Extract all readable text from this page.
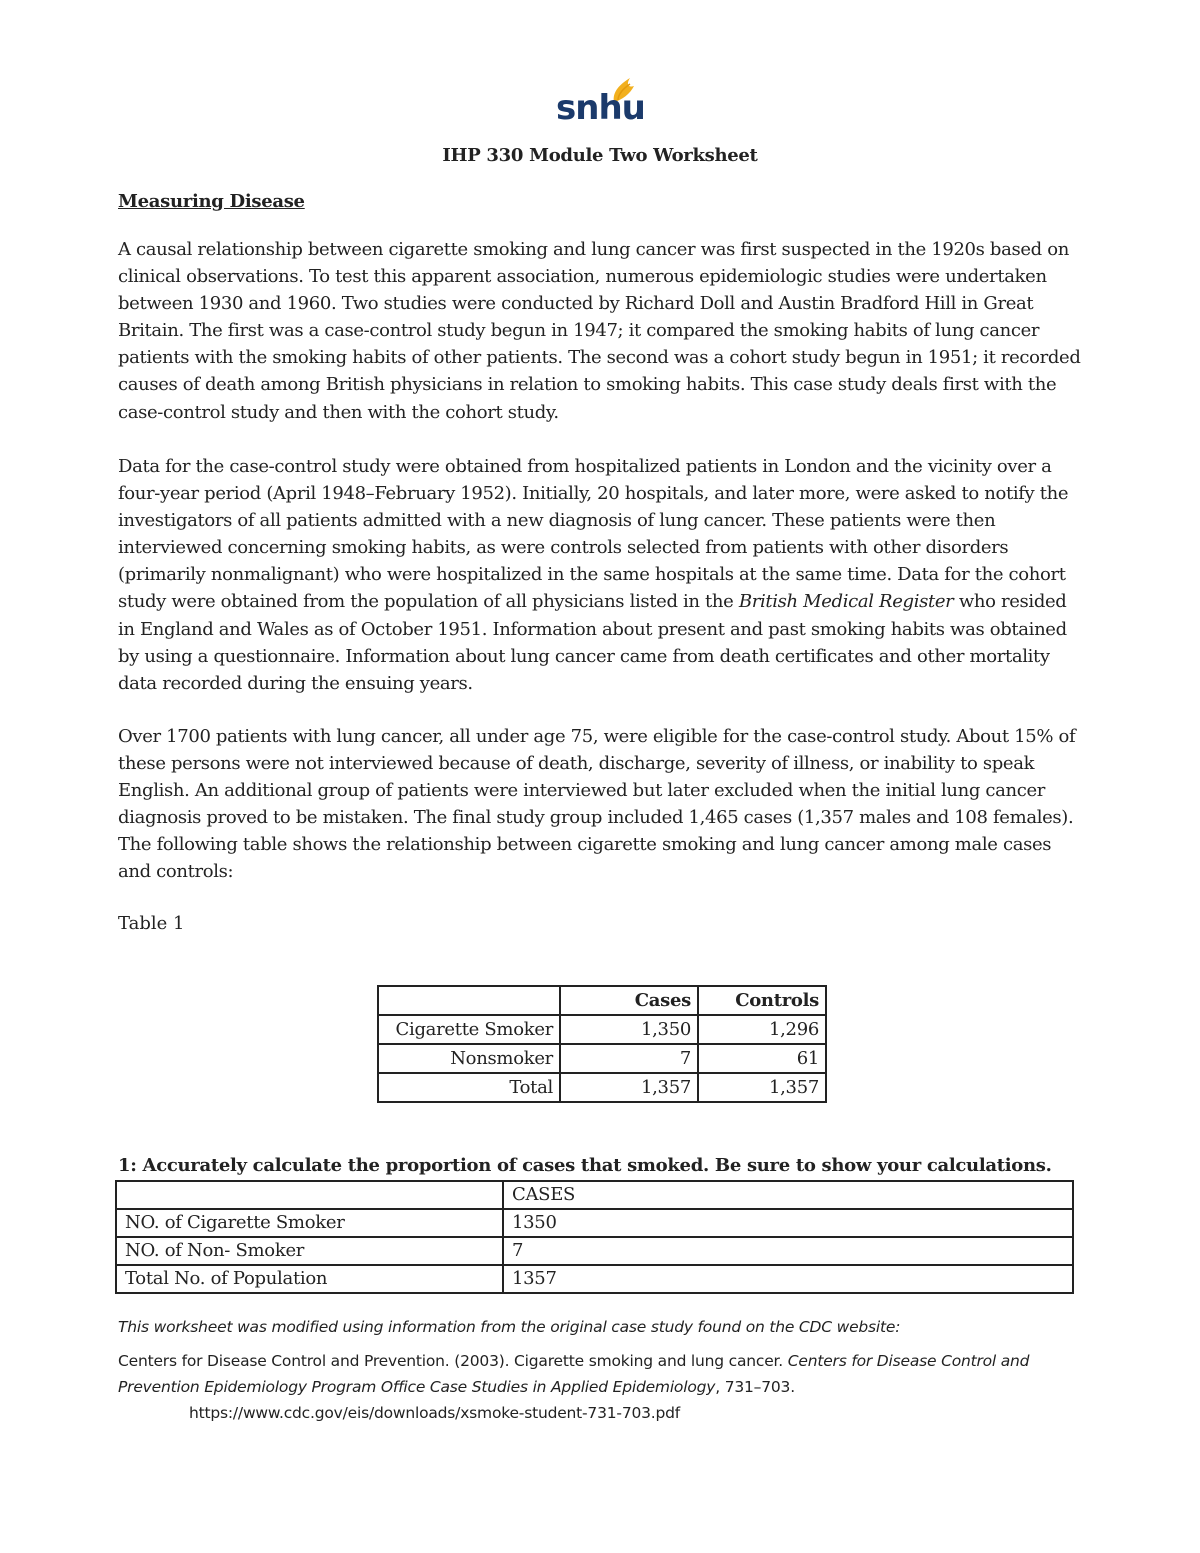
snhu
IHP 330 Module Two Worksheet
Measuring Disease

A causal relationship between cigarette smoking and lung cancer was first suspected in the 1920s based on clinical observations. To test this apparent association, numerous epidemiologic studies were undertaken between 1930 and 1960. Two studies were conducted by Richard Doll and Austin Bradford Hill in Great Britain. The first was a case-control study begun in 1947; it compared the smoking habits of lung cancer patients with the smoking habits of other patients. The second was a cohort study begun in 1951; it recorded causes of death among British physicians in relation to smoking habits. This case study deals first with the case-control study and then with the cohort study.

Data for the case-control study were obtained from hospitalized patients in London and the vicinity over a four-year period (April 1948–February 1952). Initially, 20 hospitals, and later more, were asked to notify the investigators of all patients admitted with a new diagnosis of lung cancer. These patients were then interviewed concerning smoking habits, as were controls selected from patients with other disorders (primarily nonmalignant) who were hospitalized in the same hospitals at the same time. Data for the cohort study were obtained from the population of all physicians listed in the British Medical Register who resided in England and Wales as of October 1951. Information about present and past smoking habits was obtained by using a questionnaire. Information about lung cancer came from death certificates and other mortality data recorded during the ensuing years.

Over 1700 patients with lung cancer, all under age 75, were eligible for the case-control study. About 15% of these persons were not interviewed because of death, discharge, severity of illness, or inability to speak English. An additional group of patients were interviewed but later excluded when the initial lung cancer diagnosis proved to be mistaken. The final study group included 1,465 cases (1,357 males and 108 females). The following table shows the relationship between cigarette smoking and lung cancer among male cases and controls:

Table 1
	Cases	Controls
Cigarette Smoker	1,350	1,296
Nonsmoker	7	61
Total	1,357	1,357
1: Accurately calculate the proportion of cases that smoked. Be sure to show your calculations.
	CASES
NO. of Cigarette Smoker	1350
NO. of Non- Smoker	7
Total No. of Population	1357
This worksheet was modified using information from the original case study found on the CDC website:
Centers for Disease Control and Prevention. (2003). Cigarette smoking and lung cancer. Centers for Disease Control and Prevention Epidemiology Program Office Case Studies in Applied Epidemiology, 731–703.
https://www.cdc.gov/eis/downloads/xsmoke-student-731-703.pdf
